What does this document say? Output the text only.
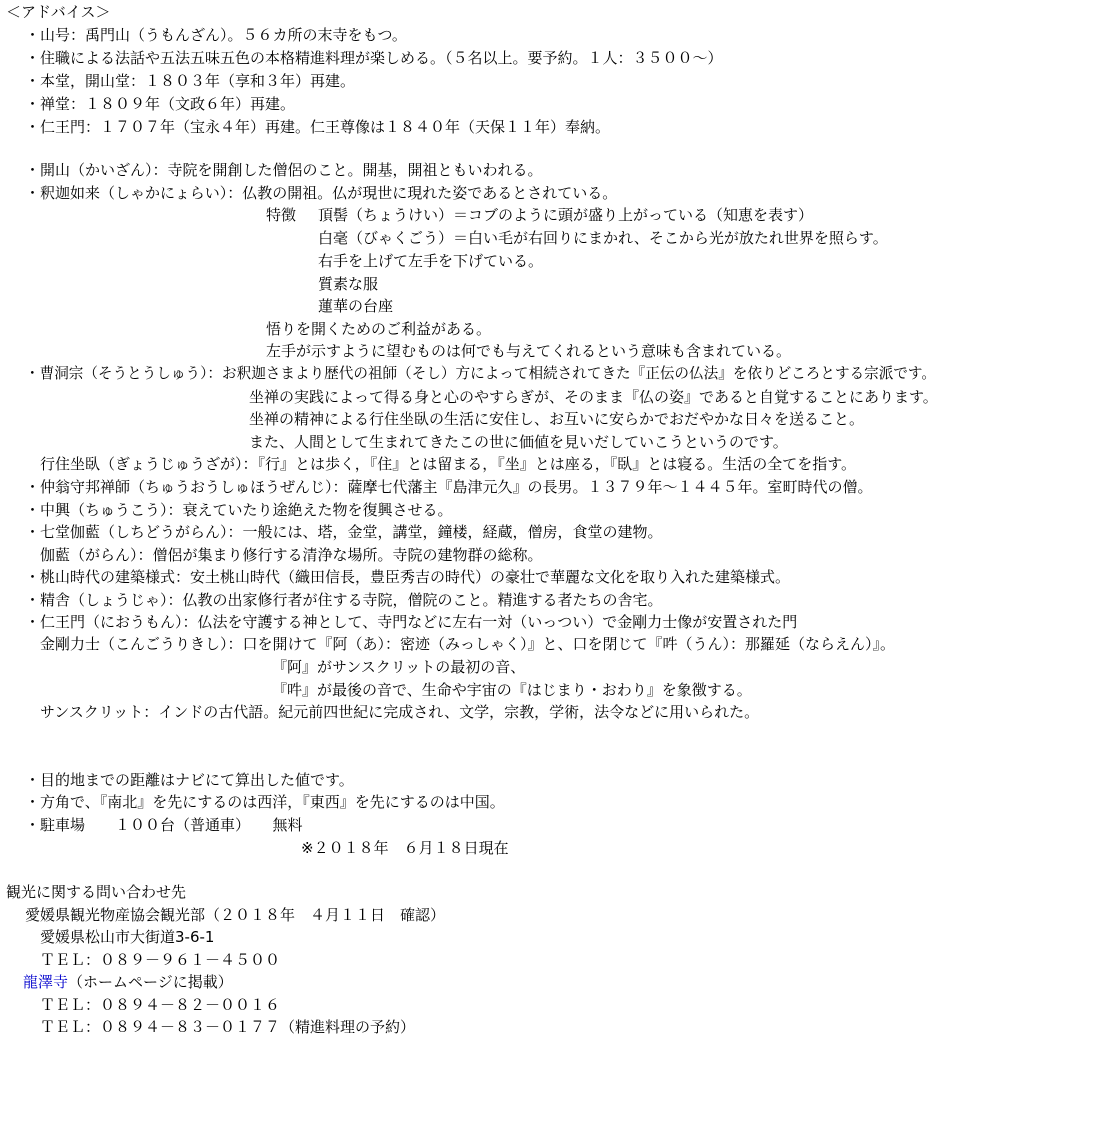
＜アドバイス＞
・山号：禹門山（うもんざん）。５６カ所の末寺をもつ。
・住職による法話や五法五味五色の本格精進料理が楽しめる。（５名以上。要予約。１人：３５００～）
・本堂，開山堂：１８０３年（享和３年）再建。
・禅堂：１８０９年（文政６年）再建。
・仁王門：１７０７年（宝永４年）再建。仁王尊像は１８４０年（天保１１年）奉納。
・開山（かいざん）：寺院を開創した僧侶のこと。開基，開祖ともいわれる。
・釈迦如来（しゃかにょらい）：仏教の開祖。仏が現世に現れた姿であるとされている。
特徴 頂髻（ちょうけい）＝コブのように頭が盛り上がっている（知恵を表す）
白毫（びゃくごう）＝白い毛が右回りにまかれ、そこから光が放たれ世界を照らす。
右手を上げて左手を下げている。
質素な服
蓮華の台座
悟りを開くためのご利益がある。
左手が示すように望むものは何でも与えてくれるという意味も含まれている。
・曹洞宗（そうとうしゅう）：お釈迦さまより歴代の祖師（そし）方によって相続されてきた『正伝の仏法』を依りどころとする宗派です。
坐禅の実践によって得る身と心のやすらぎが、そのまま『仏の姿』であると自覚することにあります。
坐禅の精神による行住坐臥の生活に安住し、お互いに安らかでおだやかな日々を送ること。
また、人間として生まれてきたこの世に価値を見いだしていこうというのです。
行住坐臥（ぎょうじゅうざが）：『行』とは歩く，『住』とは留まる，『坐』とは座る，『臥』とは寝る。生活の全てを指す。
・仲翁守邦禅師（ちゅうおうしゅほうぜんじ）：薩摩七代藩主『島津元久』の長男。１３７９年～１４４５年。室町時代の僧。
・中興（ちゅうこう）：衰えていたり途絶えた物を復興させる。
・七堂伽藍（しちどうがらん）：一般には、塔，金堂，講堂，鐘楼，経蔵，僧房，食堂の建物。
伽藍（がらん）：僧侶が集まり修行する清浄な場所。寺院の建物群の総称。
・桃山時代の建築様式：安土桃山時代（織田信長，豊臣秀吉の時代）の豪壮で華麗な文化を取り入れた建築様式。
・精舎（しょうじゃ）：仏教の出家修行者が住する寺院，僧院のこと。精進する者たちの舎宅。
・仁王門（におうもん）：仏法を守護する神として、寺門などに左右一対（いっつい）で金剛力士像が安置された門
金剛力士（こんごうりきし）：口を開けて『阿（あ）：密迹（みっしゃく）』と、口を閉じて『吽（うん）：那羅延（ならえん）』。
『阿』がサンスクリットの最初の音、
『吽』が最後の音で、生命や宇宙の『はじまり・おわり』を象徴する。
サンスクリット：インドの古代語。紀元前四世紀に完成され、文学，宗教，学術，法令などに用いられた。
・目的地までの距離はナビにて算出した値です。
・方角で、『南北』を先にするのは西洋，『東西』を先にするのは中国。
・駐車場　　１００台（普通車）　　無料
※２０１８年　６月１８日現在
観光に関する問い合わせ先
愛媛県観光物産協会観光部（２０１８年　４月１１日　確認）
愛媛県松山市大街道3-6-1
ＴＥＬ：０８９－９６１－４５００
龍澤寺（ホームページに掲載）
ＴＥＬ：０８９４－８２－００１６
ＴＥＬ：０８９４－８３－０１７７（精進料理の予約）
